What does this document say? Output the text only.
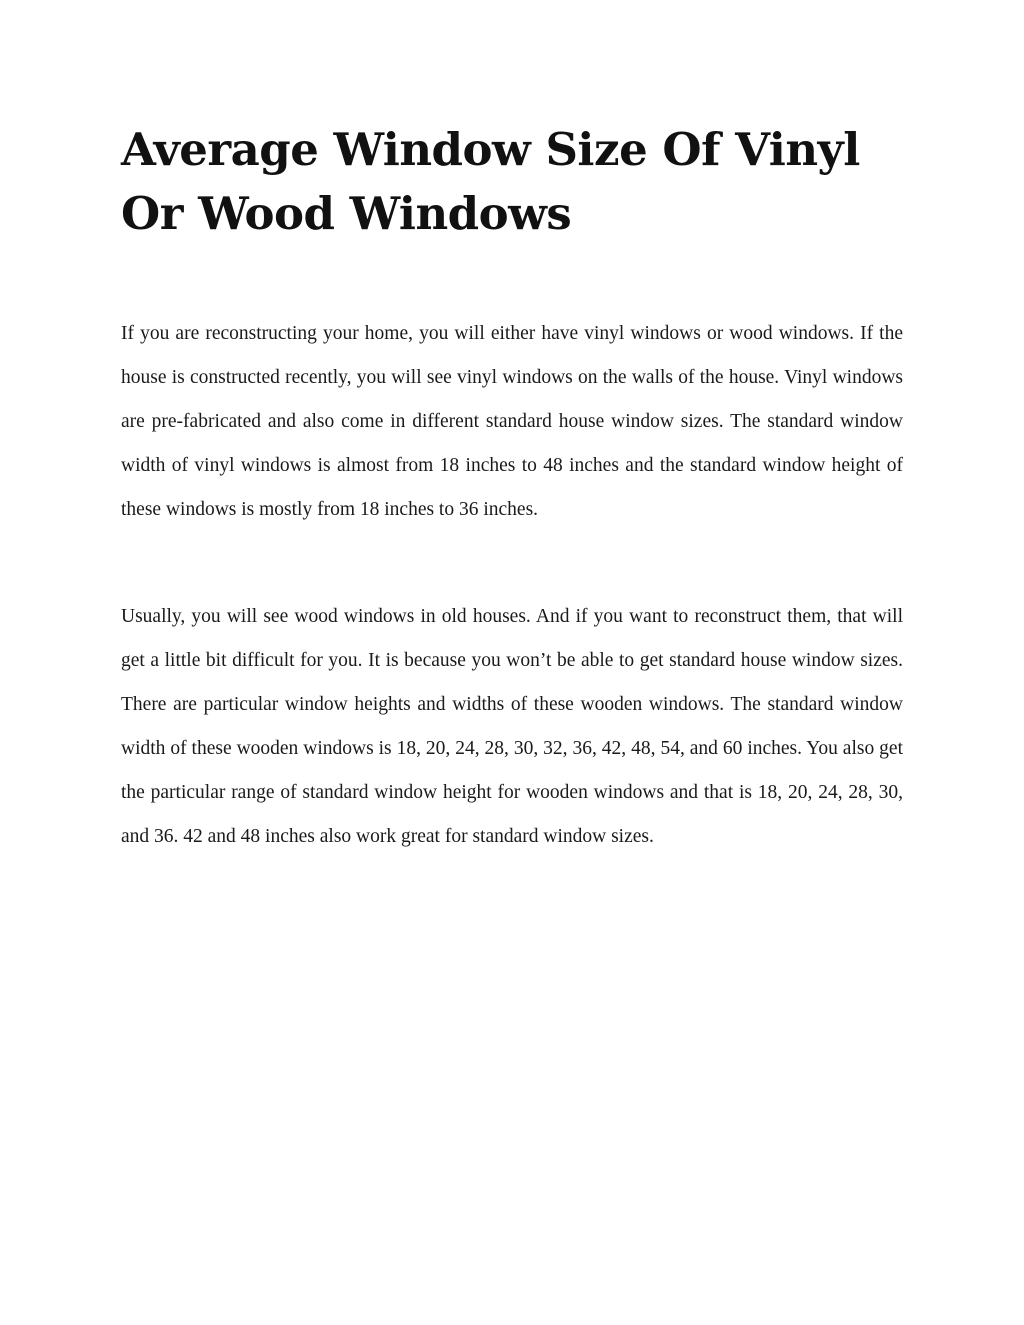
Average Window Size Of Vinyl Or Wood Windows

If you are reconstructing your home, you will either have vinyl windows or wood windows. If the house is constructed recently, you will see vinyl windows on the walls of the house. Vinyl windows are pre-fabricated and also come in different standard house window sizes. The standard window width of vinyl windows is almost from 18 inches to 48 inches and the standard window height of these windows is mostly from 18 inches to 36 inches.

Usually, you will see wood windows in old houses. And if you want to reconstruct them, that will get a little bit difficult for you. It is because you won’t be able to get standard house window sizes. There are particular window heights and widths of these wooden windows. The standard window width of these wooden windows is 18, 20, 24, 28, 30, 32, 36, 42, 48, 54, and 60 inches. You also get the particular range of standard window height for wooden windows and that is 18, 20, 24, 28, 30, and 36. 42 and 48 inches also work great for standard window sizes.
